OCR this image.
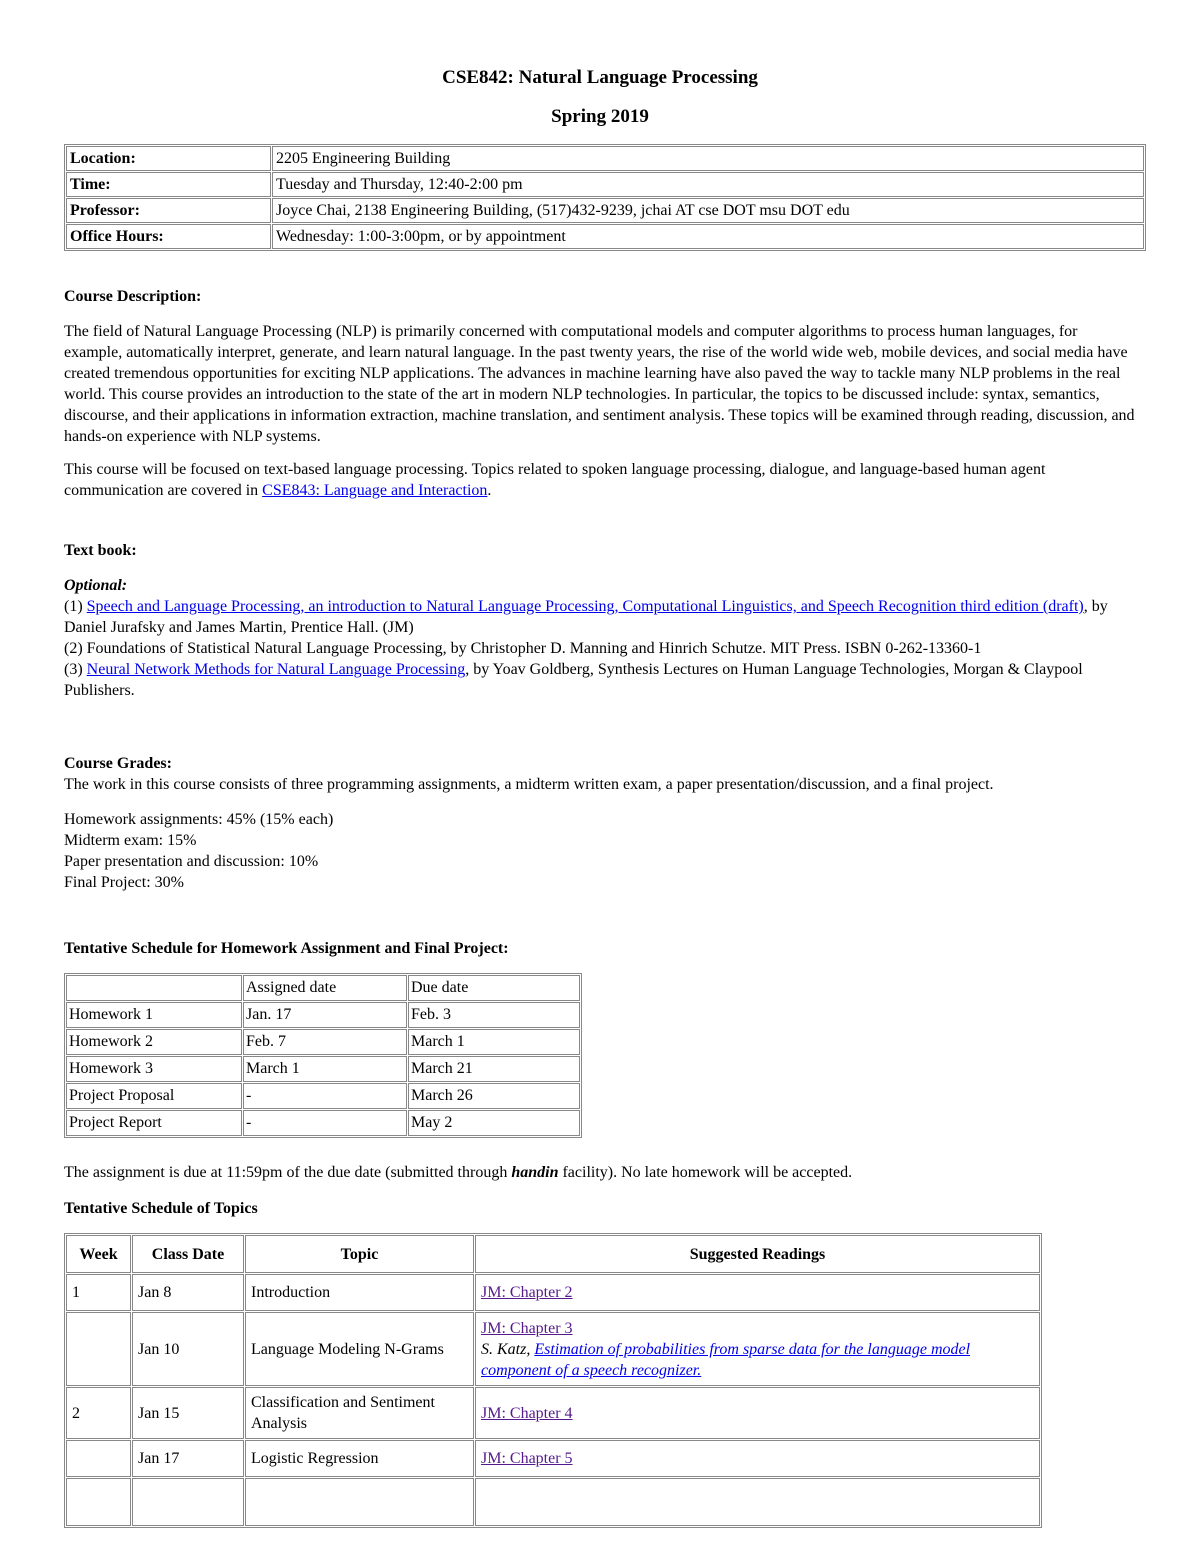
CSE842: Natural Language Processing
Spring 2019
Location:	2205 Engineering Building
Time:	Tuesday and Thursday, 12:40-2:00 pm
Professor:	Joyce Chai, 2138 Engineering Building, (517)432-9239, jchai AT cse DOT msu DOT edu
Office Hours:	Wednesday: 1:00-3:00pm, or by appointment

Course Description:

The field of Natural Language Processing (NLP) is primarily concerned with computational models and computer algorithms to process human languages, for example, automatically interpret, generate, and learn natural language. In the past twenty years, the rise of the world wide web, mobile devices, and social media have created tremendous opportunities for exciting NLP applications. The advances in machine learning have also paved the way to tackle many NLP problems in the real world. This course provides an introduction to the state of the art in modern NLP technologies. In particular, the topics to be discussed include: syntax, semantics, discourse, and their applications in information extraction, machine translation, and sentiment analysis. These topics will be examined through reading, discussion, and hands-on experience with NLP systems.

This course will be focused on text-based language processing. Topics related to spoken language processing, dialogue, and language-based human agent communication are covered in CSE843: Language and Interaction.

Text book:

Optional:

(1) Speech and Language Processing, an introduction to Natural Language Processing, Computational Linguistics, and Speech Recognition third edition (draft), by Daniel Jurafsky and James Martin, Prentice Hall. (JM)

(2) Foundations of Statistical Natural Language Processing, by Christopher D. Manning and Hinrich Schutze. MIT Press. ISBN 0-262-13360-1

(3) Neural Network Methods for Natural Language Processing, by Yoav Goldberg, Synthesis Lectures on Human Language Technologies, Morgan & Claypool Publishers.

Course Grades:

The work in this course consists of three programming assignments, a midterm written exam, a paper presentation/discussion, and a final project.

Homework assignments: 45% (15% each)

Midterm exam: 15%

Paper presentation and discussion: 10%

Final Project: 30%

Tentative Schedule for Homework Assignment and Final Project:

	Assigned date	Due date
Homework 1	Jan. 17	Feb. 3
Homework 2	Feb. 7	March 1
Homework 3	March 1	March 21
Project Proposal	-	March 26
Project Report	-	May 2

The assignment is due at 11:59pm of the due date (submitted through handin facility). No late homework will be accepted.

Tentative Schedule of Topics

Week	Class Date	Topic	Suggested Readings
1	Jan 8	Introduction	JM: Chapter 2
	Jan 10	Language Modeling N-Grams	JM: Chapter 3
S. Katz, Estimation of probabilities from sparse data for the language model component of a speech recognizer.
2	Jan 15	Classification and Sentiment Analysis	JM: Chapter 4
	Jan 17	Logistic Regression	JM: Chapter 5
